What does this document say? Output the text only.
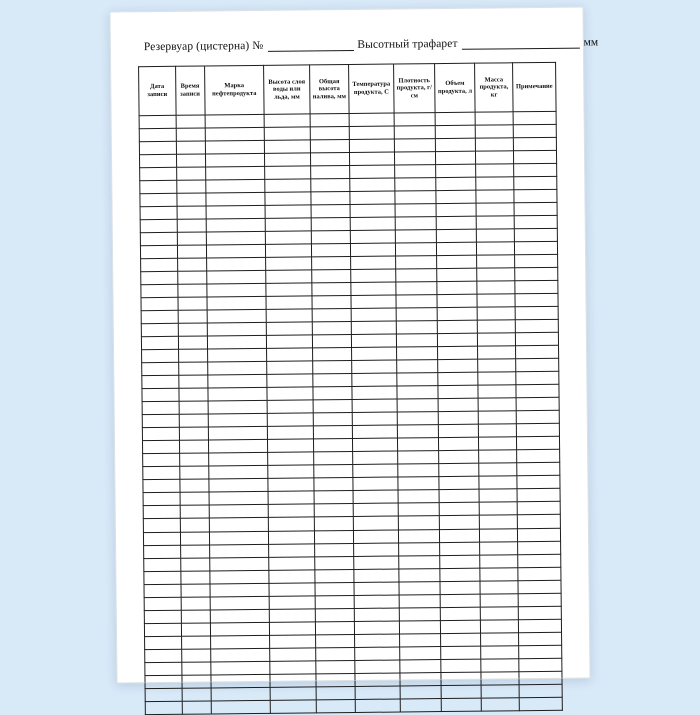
Резервуар (цистерна) №	Высотный трафарет	мм
Дата записи	Время записи	Марка нефтепродукта	Высота слоя воды или льда, мм	Общая высота налива, мм	Температура продукта, С	Плотность продукта, г/см	Объем продукта, л	Масса продукта, кг	Примечание
